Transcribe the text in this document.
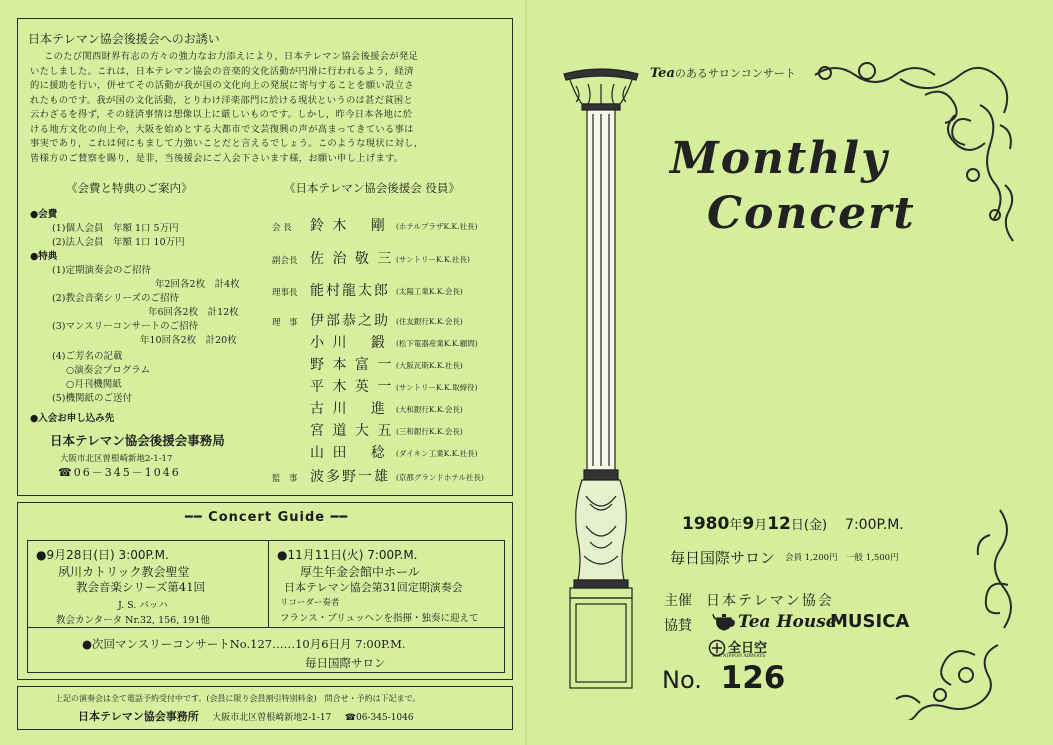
日本テレマン協会後援会へのお誘い
このたび関西財界有志の方々の強力なお力添えにより，日本テレマン協会後援会が発足
いたしました。これは，日本テレマン協会の音楽的文化活動が円滑に行われるよう，経済
的に援助を行い，併せてその活動が我が国の文化向上の発展に寄与することを願い設立さ
れたものです。我が国の文化活動，とりわけ洋楽部門に於ける現状というのは甚だ貧困と
云わざるを得ず，その経済事情は想像以上に厳しいものです。しかし，昨今日本各地に於
ける地方文化の向上や，大阪を始めとする大都市で文芸復興の声が高まってきている事は
事実であり，これは何にもまして力強いことだと言えるでしょう。このような現状に対し，
皆様方のご賛察を賜り，是非，当後援会にご入会下さいます様，お願い申し上げます。
《会費と特典のご案内》	《日本テレマン協会後援会 役員》
●会費
(1)個人会員　年額 1口 5万円
(2)法人会員　年額 1口 10万円
●特典
(1)定期演奏会のご招待
年2回各2枚　計4枚
(2)教会音楽シリーズのご招待
年6回各2枚　計12枚
(3)マンスリーコンサートのご招待
年10回各2枚　計20枚
(4)ご芳名の記載
○演奏会プログラム
○月刊機関紙
(5)機関紙のご送付
●入会お申し込み先
日本テレマン協会後援会事務局
大阪市北区曽根崎新地2-1-17
☎06－345－1046
会 長 鈴 木　 剛 (ホテルプラザK.K.社長)
副会長 佐 治 敬 三 (サントリーK.K.社長)
理事長 能村龍太郎 (太陽工業K.K.会長)
理　事 伊部恭之助 (住友銀行K.K.会長)
小 川　 鍛 (松下電器産業K.K.顧問)
野 本 富 一 (大阪瓦斯K.K.社長)
平 木 英 一 (サントリーK.K.取締役)
古 川　 進 (大和銀行K.K.会長)
宮 道 大 五 (三和銀行K.K.会長)
山 田　 稔 (ダイキン工業K.K.社長)
監　事 波多野一雄 (京都グランドホテル社長)
━━ Concert Guide ━━
●9月28日(日) 3:00P.M.
夙川カトリック教会聖堂
教会音楽シリーズ第41回
J. S. バッハ
教会カンタータ Nr.32, 156, 191他
●11月11日(火) 7:00P.M.
厚生年金会館中ホール
日本テレマン協会第31回定期演奏会
リコーダー奏者
フランス・ブリュッヘンを指揮・独奏に迎えて
●次回マンスリーコンサートNo.127……10月6日月 7:00P.M.
毎日国際サロン
上記の演奏会は全て電話予約受付中です。(会員に限り会員割引特別料金)　問合せ・予約は下記まで。
日本テレマン協会事務所 大阪市北区曽根崎新地2-1-17 ☎06-345-1046
Teaのあるサロンコンサート
Monthly
Concert
1980年9月12日(金) 7:00P.M.
毎日国際サロン 会員 1,200円　一般 1,500円
主催 日本テレマン協会
協賛	Tea House
MUSICA
全日空
ALL NIPPON AIRWAYS
No. 126
